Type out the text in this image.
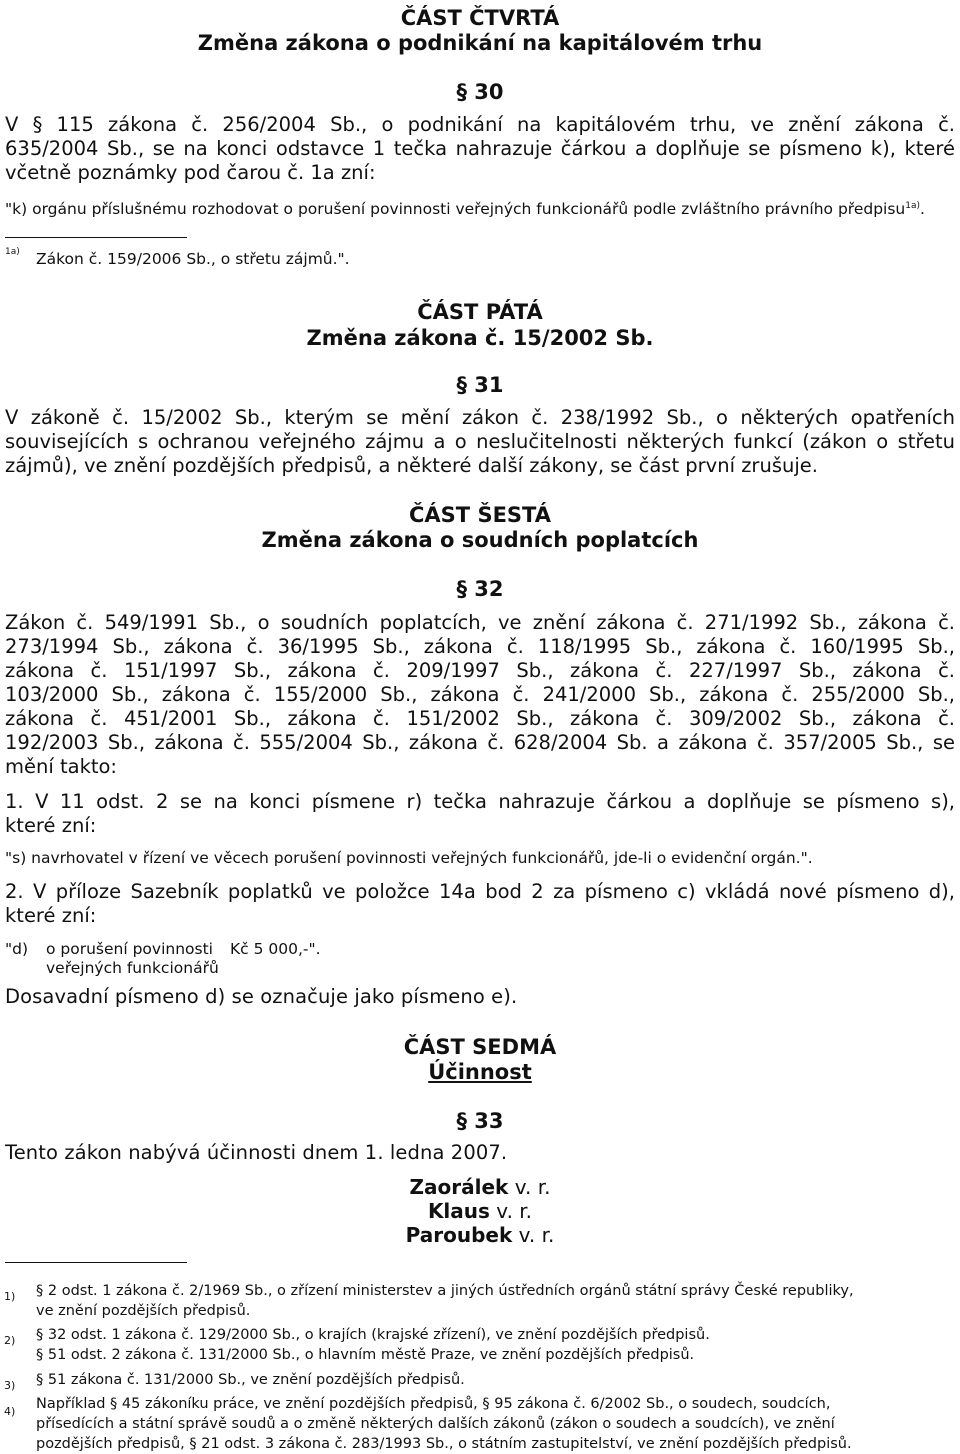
ČÁST ČTVRTÁ
Změna zákona o podnikání na kapitálovém trhu
§ 30
V § 115 zákona č. 256/2004 Sb., o podnikání na kapitálovém trhu, ve znění zákona č.
635/2004 Sb., se na konci odstavce 1 tečka nahrazuje čárkou a doplňuje se písmeno k), které
včetně poznámky pod čarou č. 1a zní:
"k) orgánu příslušnému rozhodovat o porušení povinnosti veřejných funkcionářů podle zvláštního právního předpisu$^{1a)}$.
1a) Zákon č. 159/2006 Sb., o střetu zájmů.".
ČÁST PÁTÁ
Změna zákona č. 15/2002 Sb.
§ 31
V zákoně č. 15/2002 Sb., kterým se mění zákon č. 238/1992 Sb., o některých opatřeních
souvisejících s ochranou veřejného zájmu a o neslučitelnosti některých funkcí (zákon o střetu
zájmů), ve znění pozdějších předpisů, a některé další zákony, se část první zrušuje.
ČÁST ŠESTÁ
Změna zákona o soudních poplatcích
§ 32
Zákon č. 549/1991 Sb., o soudních poplatcích, ve znění zákona č. 271/1992 Sb., zákona č.
273/1994 Sb., zákona č. 36/1995 Sb., zákona č. 118/1995 Sb., zákona č. 160/1995 Sb.,
zákona č. 151/1997 Sb., zákona č. 209/1997 Sb., zákona č. 227/1997 Sb., zákona č.
103/2000 Sb., zákona č. 155/2000 Sb., zákona č. 241/2000 Sb., zákona č. 255/2000 Sb.,
zákona č. 451/2001 Sb., zákona č. 151/2002 Sb., zákona č. 309/2002 Sb., zákona č.
192/2003 Sb., zákona č. 555/2004 Sb., zákona č. 628/2004 Sb. a zákona č. 357/2005 Sb., se
mění takto:
1. V 11 odst. 2 se na konci písmene r) tečka nahrazuje čárkou a doplňuje se písmeno s),
které zní:
"s) navrhovatel v řízení ve věcech porušení povinnosti veřejných funkcionářů, jde-li o evidenční orgán.".
2. V příloze Sazebník poplatků ve položce 14a bod 2 za písmeno c) vkládá nové písmeno d),
které zní:
"d) o porušení povinnosti Kč 5 000,-".
veřejných funkcionářů
Dosavadní písmeno d) se označuje jako písmeno e).
ČÁST SEDMÁ
Účinnost
§ 33
Tento zákon nabývá účinnosti dnem 1. ledna 2007.
Zaorálek v. r.
Klaus v. r.
Paroubek v. r.
1) § 2 odst. 1 zákona č. 2/1969 Sb., o zřízení ministerstev a jiných ústředních orgánů státní správy České republiky,
ve znění pozdějších předpisů.
2) § 32 odst. 1 zákona č. 129/2000 Sb., o krajích (krajské zřízení), ve znění pozdějších předpisů.
§ 51 odst. 2 zákona č. 131/2000 Sb., o hlavním městě Praze, ve znění pozdějších předpisů.
3) § 51 zákona č. 131/2000 Sb., ve znění pozdějších předpisů.
4) Například § 45 zákoníku práce, ve znění pozdějších předpisů, § 95 zákona č. 6/2002 Sb., o soudech, soudcích,
přísedících a státní správě soudů a o změně některých dalších zákonů (zákon o soudech a soudcích), ve znění
pozdějších předpisů, § 21 odst. 3 zákona č. 283/1993 Sb., o státním zastupitelství, ve znění pozdějších předpisů.
